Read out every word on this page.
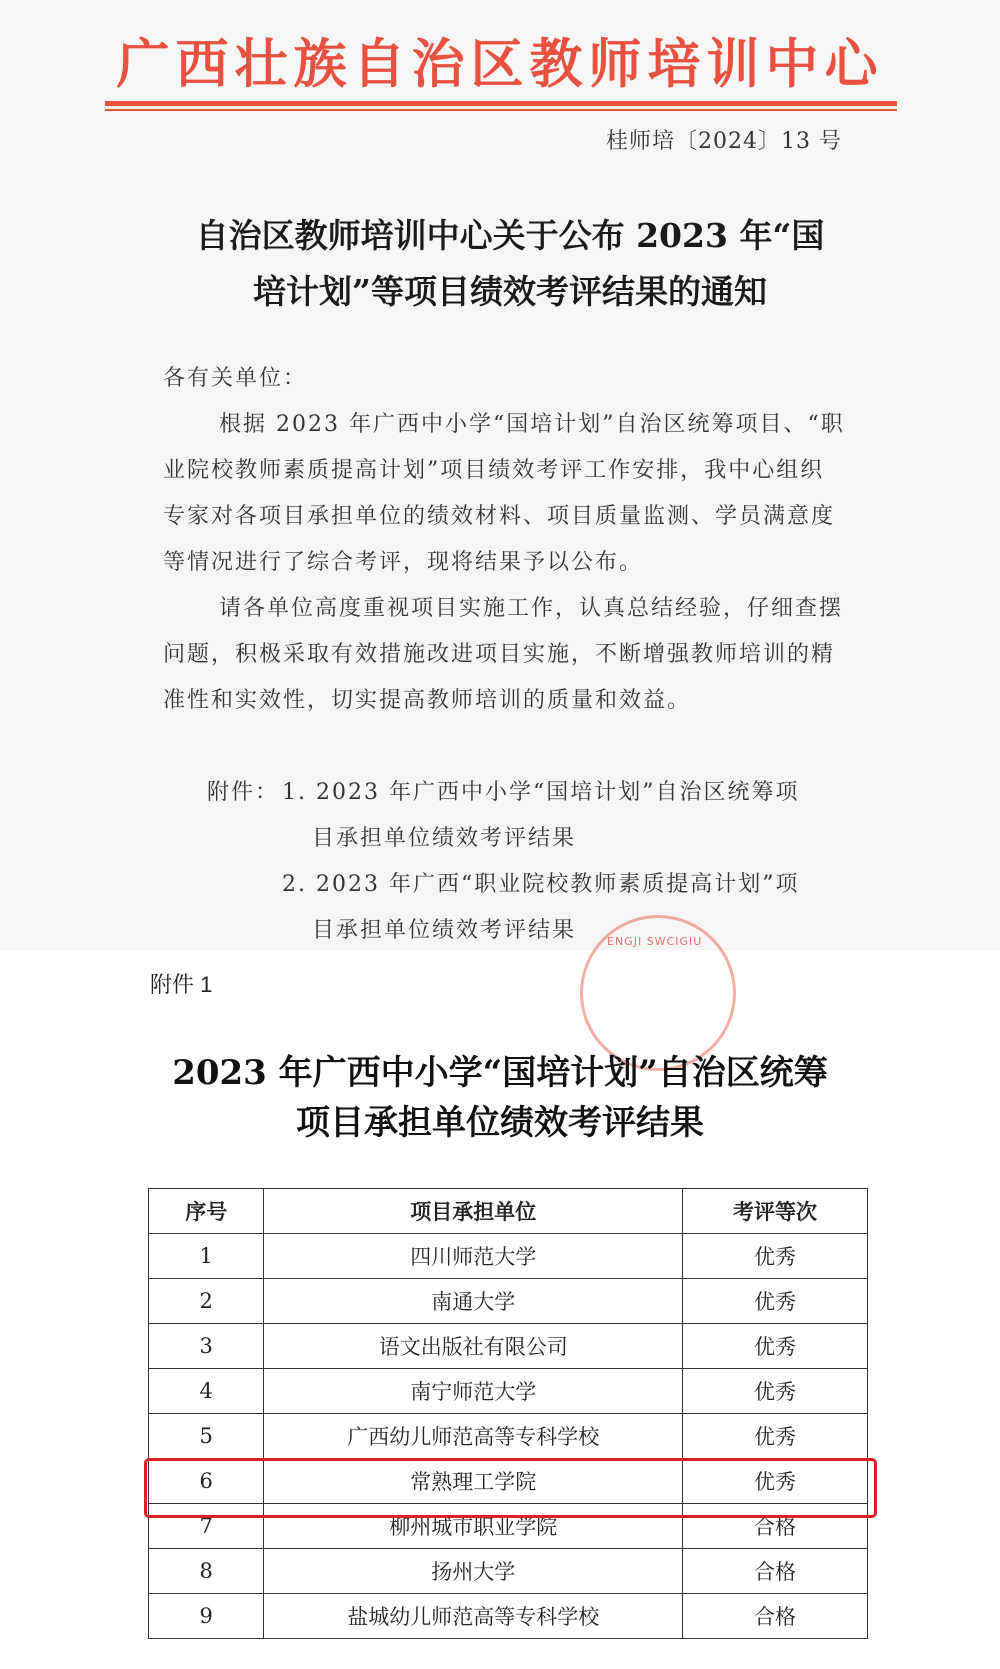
广西壮族自治区教师培训中心
桂师培〔2024〕13 号
自治区教师培训中心关于公布 2023 年“国
培计划”等项目绩效考评结果的通知
各有关单位：
根据 2023 年广西中小学“国培计划”自治区统筹项目、“职业院校教师素质提高计划”项目绩效考评工作安排，我中心组织专家对各项目承担单位的绩效材料、项目质量监测、学员满意度等情况进行了综合考评，现将结果予以公布。
请各单位高度重视项目实施工作，认真总结经验，仔细查摆问题，积极采取有效措施改进项目实施，不断增强教师培训的精准性和实效性，切实提高教师培训的质量和效益。
附件： 1. 2023 年广西中小学“国培计划”自治区统筹项
目承担单位绩效考评结果
2. 2023 年广西“职业院校教师素质提高计划”项
目承担单位绩效考评结果	ENGJI SWCIGIU
附件 1
2023 年广西中小学“国培计划”自治区统筹
项目承担单位绩效考评结果
序号	项目承担单位	考评等次
1	四川师范大学	优秀
2	南通大学	优秀
3	语文出版社有限公司	优秀
4	南宁师范大学	优秀
5	广西幼儿师范高等专科学校	优秀
6	常熟理工学院	优秀
7	柳州城市职业学院	合格
8	扬州大学	合格
9	盐城幼儿师范高等专科学校	合格
